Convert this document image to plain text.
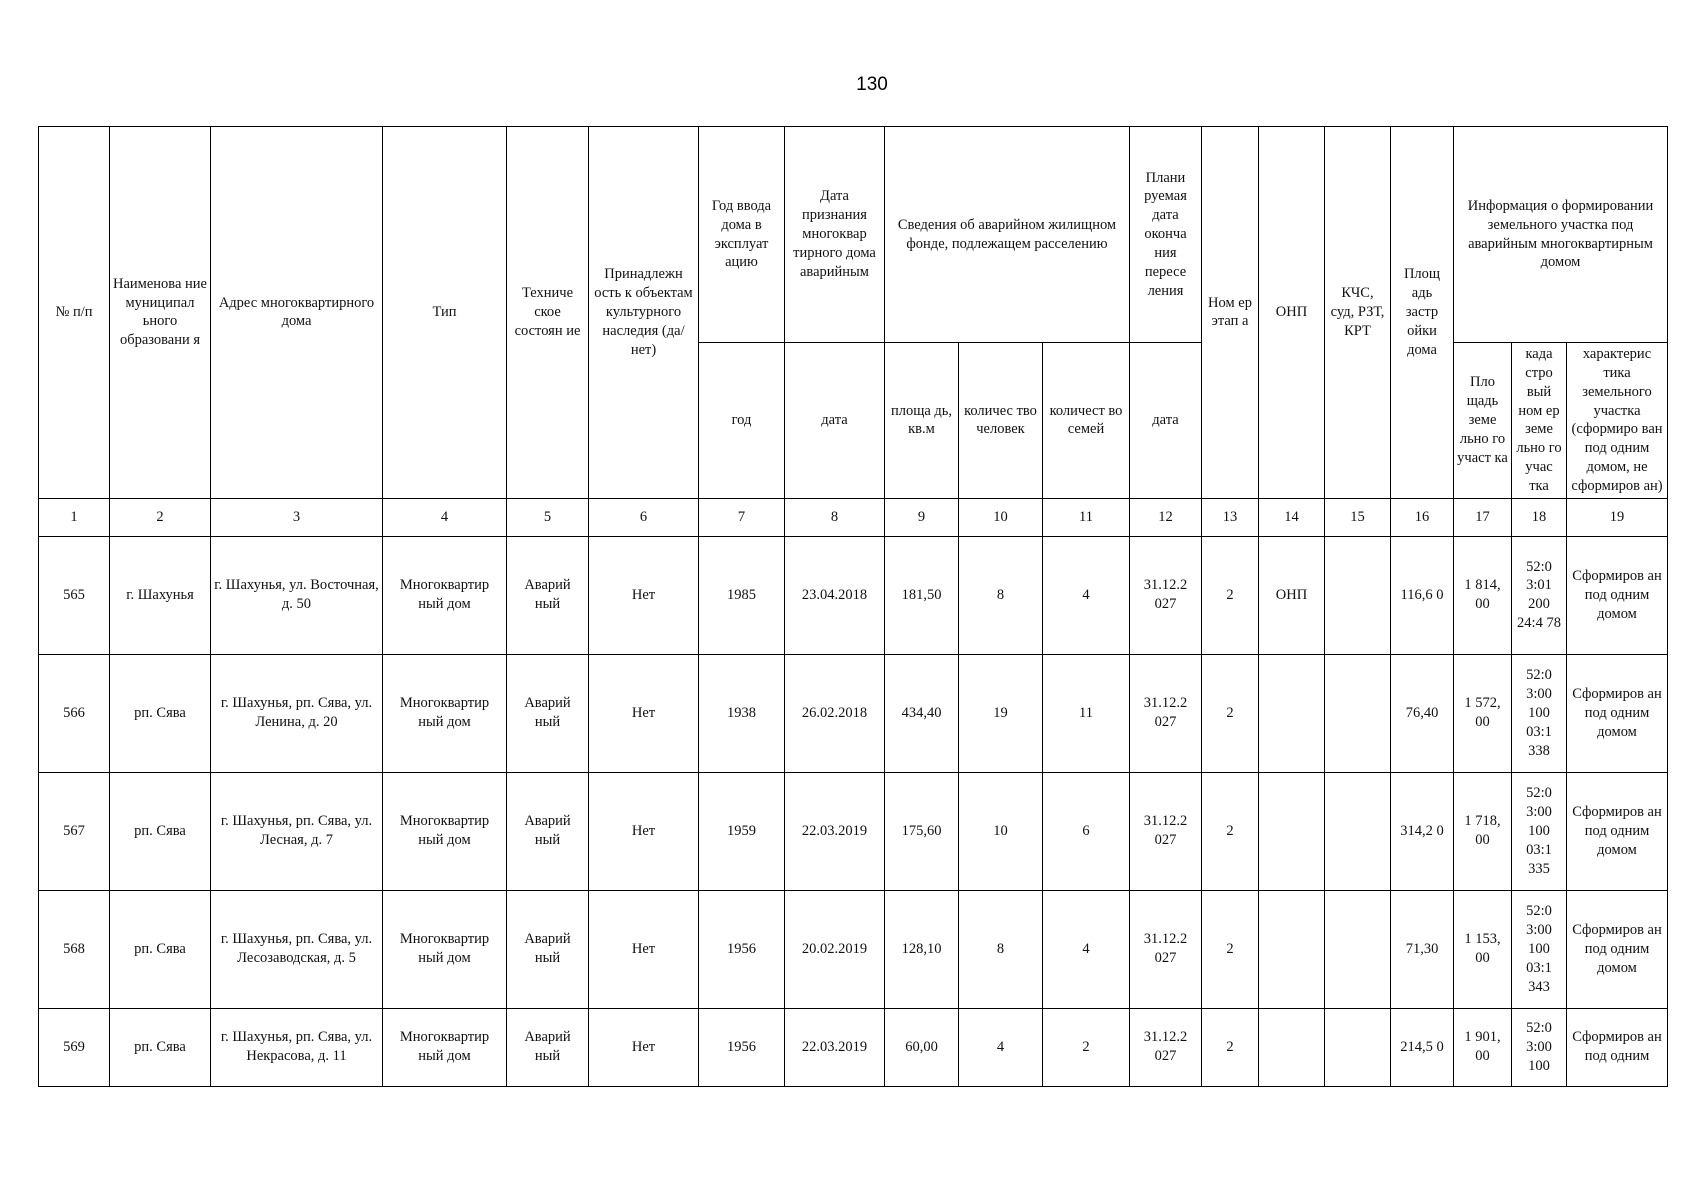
130
№ п/п	Наименова ние муниципал ьного образовани я	Адрес многоквартирного дома	Тип	Техниче ское состоян ие	Принадлежн ость к объектам культурного наследия (да/нет)	Год ввода дома в эксплуат ацию	Дата признания многоквар тирного дома аварийным	Сведения об аварийном жилищном фонде, подлежащем расселению			Плани руемая дата оконча ния пересе ления	Ном ер этап а	ОНП	КЧС, суд, РЗТ, КРТ	Площ адь застр ойки дома	Информация о формировании земельного участка под аварийным многоквартирным домом		
						год	дата	площа дь, кв.м	количес тво человек	количест во семей	дата					Пло щадь земе льно го участ ка	када стро вый ном ер земе льно го учас тка	характерис тика земельного участка (сформиро ван под одним домом, не сформиров ан)
1	2	3	4	5	6	7	8	9	10	11	12	13	14	15	16	17	18	19
565	г. Шахунья	г. Шахунья, ул. Восточная, д. 50	Многоквартир ный дом	Аварий ный	Нет	1985	23.04.2018	181,50	8	4	31.12.2 027	2	ОНП		116,6 0	1 814, 00	52:0 3:01 200 24:4 78	Сформиров ан под одним домом
566	рп. Сява	г. Шахунья, рп. Сява, ул. Ленина, д. 20	Многоквартир ный дом	Аварий ный	Нет	1938	26.02.2018	434,40	19	11	31.12.2 027	2			76,40	1 572, 00	52:0 3:00 100 03:1 338	Сформиров ан под одним домом
567	рп. Сява	г. Шахунья, рп. Сява, ул. Лесная, д. 7	Многоквартир ный дом	Аварий ный	Нет	1959	22.03.2019	175,60	10	6	31.12.2 027	2			314,2 0	1 718, 00	52:0 3:00 100 03:1 335	Сформиров ан под одним домом
568	рп. Сява	г. Шахунья, рп. Сява, ул. Лесозаводская, д. 5	Многоквартир ный дом	Аварий ный	Нет	1956	20.02.2019	128,10	8	4	31.12.2 027	2			71,30	1 153, 00	52:0 3:00 100 03:1 343	Сформиров ан под одним домом
569	рп. Сява	г. Шахунья, рп. Сява, ул. Некрасова, д. 11	Многоквартир ный дом	Аварий ный	Нет	1956	22.03.2019	60,00	4	2	31.12.2 027	2			214,5 0	1 901, 00	52:0 3:00 100	Сформиров ан под одним
